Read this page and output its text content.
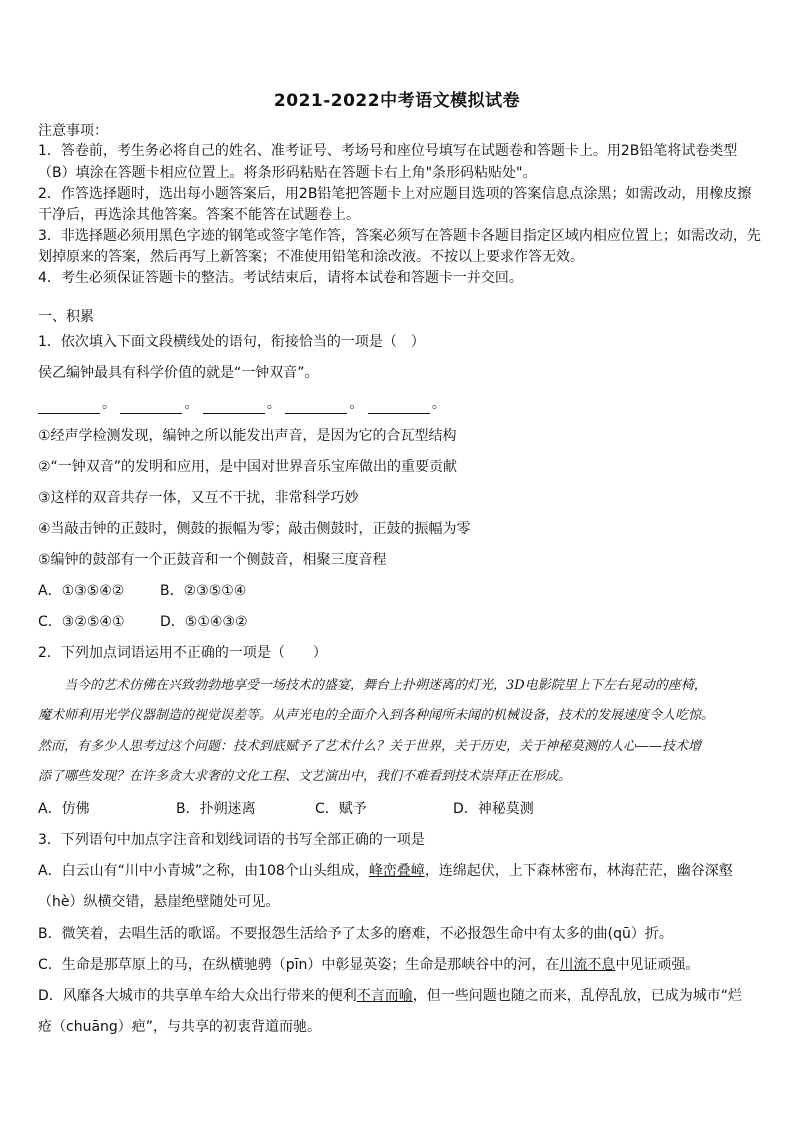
2021-2022中考语文模拟试卷
注意事项：
1．答卷前，考生务必将自己的姓名、准考证号、考场号和座位号填写在试题卷和答题卡上。用2B铅笔将试卷类型
（B）填涂在答题卡相应位置上。将条形码粘贴在答题卡右上角"条形码粘贴处"。
2．作答选择题时，选出每小题答案后，用2B铅笔把答题卡上对应题目选项的答案信息点涂黑；如需改动，用橡皮擦
干净后，再选涂其他答案。答案不能答在试题卷上。
3．非选择题必须用黑色字迹的钢笔或签字笔作答，答案必须写在答题卡各题目指定区域内相应位置上；如需改动，先
划掉原来的答案，然后再写上新答案；不准使用铅笔和涂改液。不按以上要求作答无效。
4．考生必须保证答题卡的整洁。考试结束后，请将本试卷和答题卡一并交回。
一、积累
1．依次填入下面文段横线处的语句，衔接恰当的一项是（　）
侯乙编钟最具有科学价值的就是“一钟双音”。
。	。	。	。	。
①经声学检测发现，编钟之所以能发出声音，是因为它的合瓦型结构
②“一钟双音”的发明和应用，是中国对世界音乐宝库做出的重要贡献
③这样的双音共存一体，又互不干扰，非常科学巧妙
④当敲击钟的正鼓时，侧鼓的振幅为零；敲击侧鼓时，正鼓的振幅为零
⑤编钟的鼓部有一个正鼓音和一个侧鼓音，相聚三度音程
A．①③⑤④②	B．②③⑤①④
C．③②⑤④①	D．⑤①④③②
2．下列加点词语运用不正确的一项是（　　）
当今的艺术仿佛在兴致勃勃地享受一场技术的盛宴，舞台上扑朔迷离的灯光，3D电影院里上下左右晃动的座椅，
魔术师利用光学仪器制造的视觉误差等。从声光电的全面介入到各种闻所未闻的机械设备，技术的发展速度令人吃惊。
然而，有多少人思考过这个问题：技术到底赋予了艺术什么？关于世界，关于历史，关于神秘莫测的人心——技术增
添了哪些发现？在许多贪大求奢的文化工程、文艺演出中，我们不难看到技术崇拜正在形成。
A．仿佛	B．扑朔迷离	C．赋予	D．神秘莫测
3．下列语句中加点字注音和划线词语的书写全部正确的一项是
A．白云山有“川中小青城”之称，由108个山头组成，峰峦叠嶂，连绵起伏，上下森林密布，林海茫茫，幽谷深壑
（hè）纵横交错，悬崖绝壁随处可见。
B．微笑着，去唱生活的歌谣。不要报怨生活给予了太多的磨难，不必报怨生命中有太多的曲(qū）折。
C．生命是那草原上的马，在纵横驰骋（pīn）中彰显英姿；生命是那峡谷中的河，在川流不息中见证顽强。
D．风靡各大城市的共享单车给大众出行带来的便利不言而喻，但一些问题也随之而来，乱停乱放，已成为城市“烂
疮（chuāng）疤”，与共享的初衷背道而驰。
